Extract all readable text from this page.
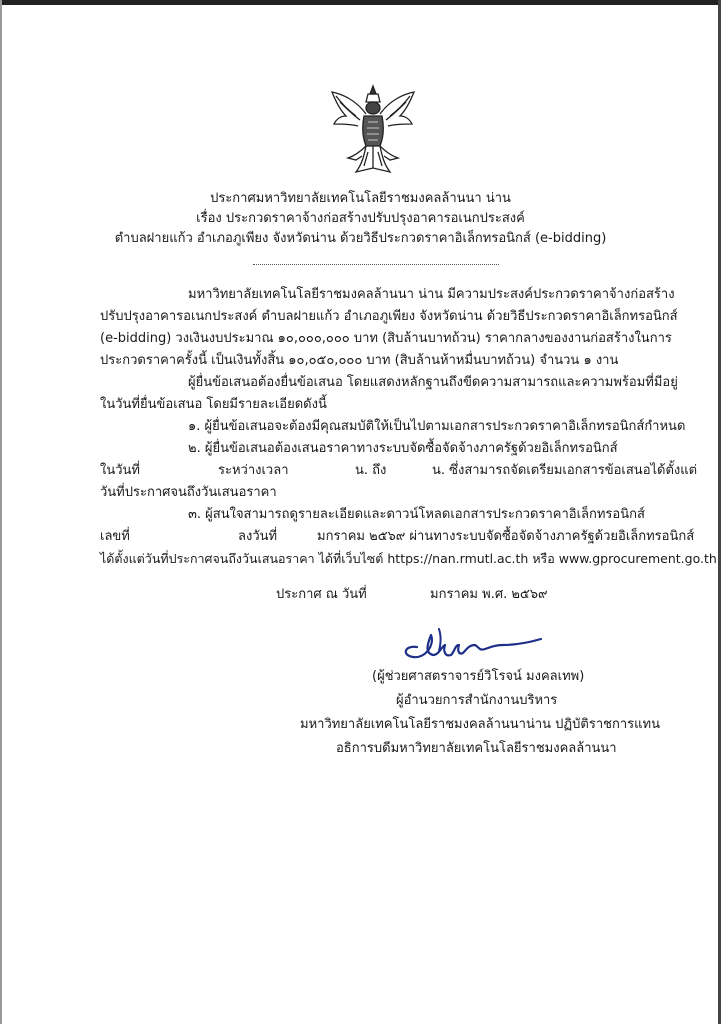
ประกาศมหาวิทยาลัยเทคโนโลยีราชมงคลล้านนา น่าน
เรื่อง ประกวดราคาจ้างก่อสร้างปรับปรุงอาคารอเนกประสงค์
ตำบลฝายแก้ว อำเภอภูเพียง จังหวัดน่าน ด้วยวิธีประกวดราคาอิเล็กทรอนิกส์ (e-bidding)
มหาวิทยาลัยเทคโนโลยีราชมงคลล้านนา น่าน มีความประสงค์ประกวดราคาจ้างก่อสร้าง
ปรับปรุงอาคารอเนกประสงค์ ตำบลฝายแก้ว อำเภอภูเพียง จังหวัดน่าน ด้วยวิธีประกวดราคาอิเล็กทรอนิกส์
(e-bidding) วงเงินงบประมาณ ๑๐,๐๐๐,๐๐๐ บาท (สิบล้านบาทถ้วน) ราคากลางของงานก่อสร้างในการ
ประกวดราคาครั้งนี้ เป็นเงินทั้งสิ้น ๑๐,๐๕๐,๐๐๐ บาท (สิบล้านห้าหมื่นบาทถ้วน) จำนวน ๑ งาน
ผู้ยื่นข้อเสนอต้องยื่นข้อเสนอ โดยแสดงหลักฐานถึงขีดความสามารถและความพร้อมที่มีอยู่
ในวันที่ยื่นข้อเสนอ โดยมีรายละเอียดดังนี้
๑. ผู้ยื่นข้อเสนอจะต้องมีคุณสมบัติให้เป็นไปตามเอกสารประกวดราคาอิเล็กทรอนิกส์กำหนด
๒. ผู้ยื่นข้อเสนอต้องเสนอราคาทางระบบจัดซื้อจัดจ้างภาครัฐด้วยอิเล็กทรอนิกส์
ในวันที่	ระหว่างเวลา	น. ถึง	น. ซึ่งสามารถจัดเตรียมเอกสารข้อเสนอได้ตั้งแต่
วันที่ประกาศจนถึงวันเสนอราคา
๓. ผู้สนใจสามารถดูรายละเอียดและดาวน์โหลดเอกสารประกวดราคาอิเล็กทรอนิกส์
เลขที่	ลงวันที่	มกราคม ๒๕๖๙ ผ่านทางระบบจัดซื้อจัดจ้างภาครัฐด้วยอิเล็กทรอนิกส์
ได้ตั้งแต่วันที่ประกาศจนถึงวันเสนอราคา ได้ที่เว็บไซต์ https://nan.rmutl.ac.th หรือ www.gprocurement.go.th
ประกาศ ณ วันที่	มกราคม พ.ศ. ๒๕๖๙
(ผู้ช่วยศาสตราจารย์วิโรจน์ มงคลเทพ)
ผู้อำนวยการสำนักงานบริหาร
มหาวิทยาลัยเทคโนโลยีราชมงคลล้านนาน่าน ปฏิบัติราชการแทน
อธิการบดีมหาวิทยาลัยเทคโนโลยีราชมงคลล้านนา
